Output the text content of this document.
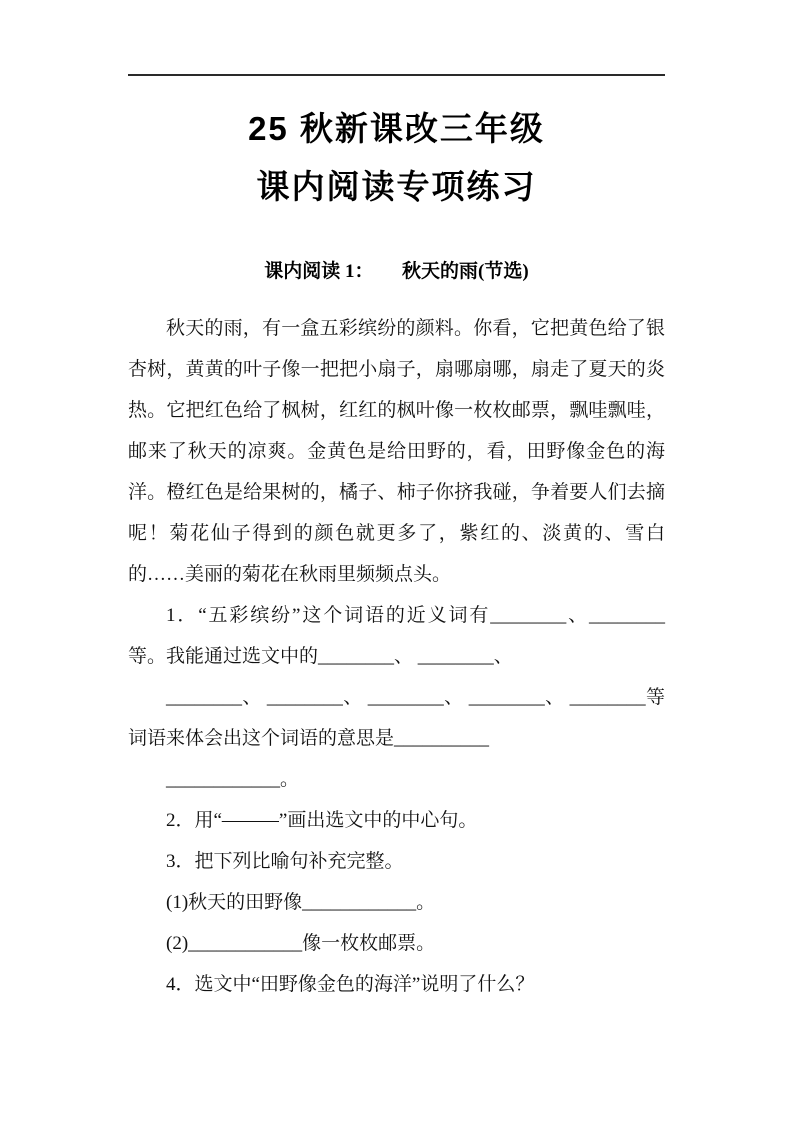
25 秋新课改三年级
课内阅读专项练习
课内阅读 1：　　秋天的雨(节选)

秋天的雨，有一盒五彩缤纷的颜料。你看，它把黄色给了银杏树，黄黄的叶子像一把把小扇子，扇哪扇哪，扇走了夏天的炎热。它把红色给了枫树，红红的枫叶像一枚枚邮票，飘哇飘哇，邮来了秋天的凉爽。金黄色是给田野的，看，田野像金色的海洋。橙红色是给果树的，橘子、柿子你挤我碰，争着要人们去摘呢！菊花仙子得到的颜色就更多了，紫红的、淡黄的、雪白的……美丽的菊花在秋雨里频频点头。

1．“五彩缤纷”这个词语的近义词有________、________等。我能通过选文中的________、 ________、

________、 ________、 ________、 ________、 ________等词语来体会出这个词语的意思是__________

____________。

2．用“———”画出选文中的中心句。

3．把下列比喻句补充完整。

(1)秋天的田野像____________。

(2)____________像一枚枚邮票。

4．选文中“田野像金色的海洋”说明了什么？
